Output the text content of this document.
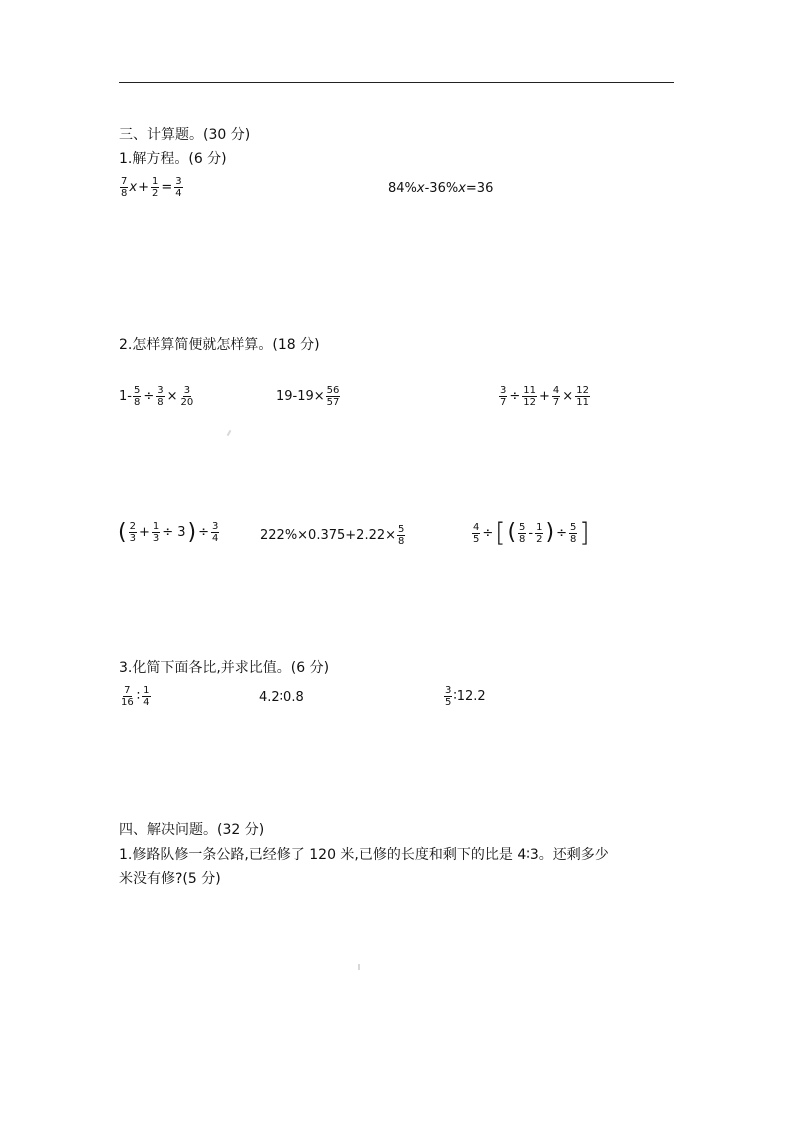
三、计算题。(30 分)
1.解方程。(6 分)
$\frac{7}{8}$ $x + \frac{1}{2} = \frac{3}{4}$	84% x -36% x =36
2.怎样算简便就怎样算。(18 分)
$1- \frac{5}{8} \div \frac{3}{8} \times \frac{3}{20}$	$19-19\times \frac{56}{57}$	$\frac{3}{7} \div \frac{11}{12} + \frac{4}{7} \times \frac{12}{11}$
( $\frac{2}{3} + \frac{1}{3} \div 3$ ) ÷ $\frac{3}{4}$	$222\%\times 0.375+2.22\times \frac{5}{8}$	$\frac{4}{5}$ ÷ [ ( $\frac{5}{8} - \frac{1}{2}$ ) ÷ $\frac{5}{8}$ ]
3.化简下面各比,并求比值。(6 分)
$\frac{7}{16}$ ∶ $\frac{1}{4}$	4.2∶0.8	$\frac{3}{5}$ ∶12.2
四、解决问题。(32 分)
1.修路队修一条公路,已经修了 120 米,已修的长度和剩下的比是 4∶3。还剩多少
米没有修?(5 分)
